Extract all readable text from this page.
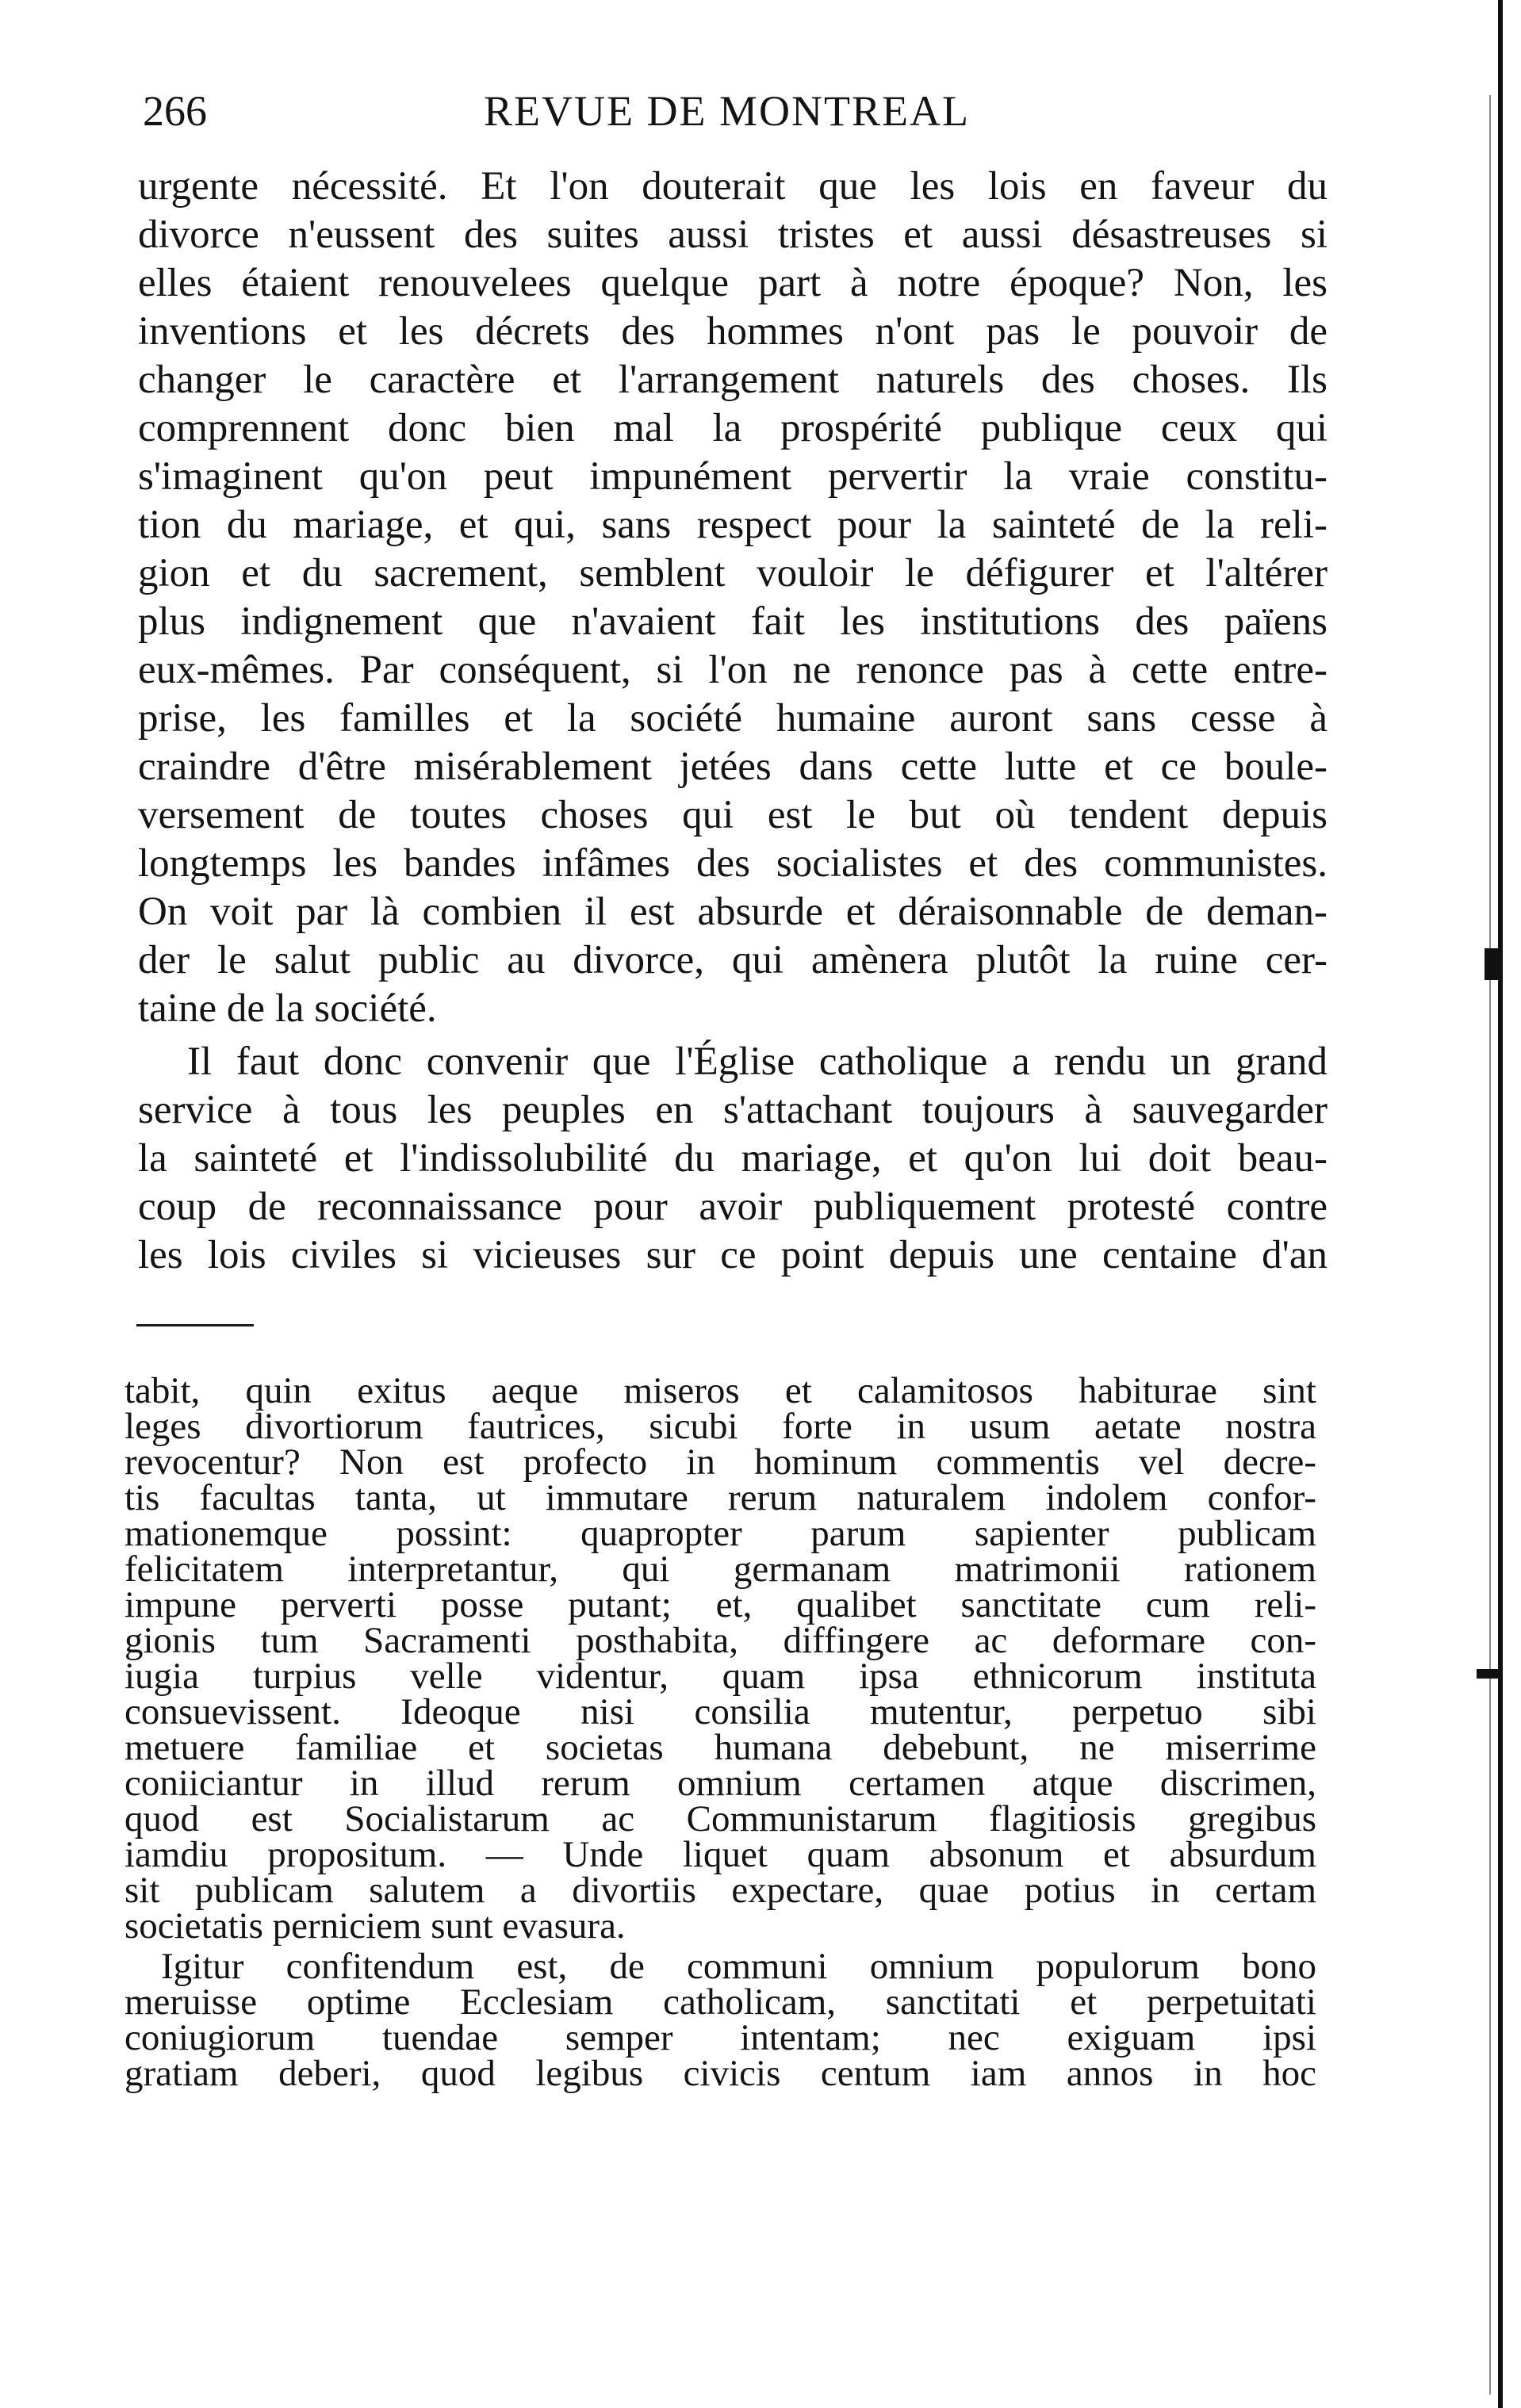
266	REVUE DE MONTREAL
urgente nécessité. Et l'on douterait que les lois en faveur du
divorce n'eussent des suites aussi tristes et aussi désastreuses si
elles étaient renouvelees quelque part à notre époque? Non, les
inventions et les décrets des hommes n'ont pas le pouvoir de
changer le caractère et l'arrangement naturels des choses. Ils
comprennent donc bien mal la prospérité publique ceux qui
s'imaginent qu'on peut impunément pervertir la vraie constitu-
tion du mariage, et qui, sans respect pour la sainteté de la reli-
gion et du sacrement, semblent vouloir le défigurer et l'altérer
plus indignement que n'avaient fait les institutions des païens
eux-mêmes. Par conséquent, si l'on ne renonce pas à cette entre-
prise, les familles et la société humaine auront sans cesse à
craindre d'être misérablement jetées dans cette lutte et ce boule-
versement de toutes choses qui est le but où tendent depuis
longtemps les bandes infâmes des socialistes et des communistes.
On voit par là combien il est absurde et déraisonnable de deman-
der le salut public au divorce, qui amènera plutôt la ruine cer-
taine de la société.
Il faut donc convenir que l'Église catholique a rendu un grand
service à tous les peuples en s'attachant toujours à sauvegarder
la sainteté et l'indissolubilité du mariage, et qu'on lui doit beau-
coup de reconnaissance pour avoir publiquement protesté contre
les lois civiles si vicieuses sur ce point depuis une centaine d'an
tabit, quin exitus aeque miseros et calamitosos habiturae sint
leges divortiorum fautrices, sicubi forte in usum aetate nostra
revocentur? Non est profecto in hominum commentis vel decre-
tis facultas tanta, ut immutare rerum naturalem indolem confor-
mationemque possint: quapropter parum sapienter publicam
felicitatem interpretantur, qui germanam matrimonii rationem
impune perverti posse putant; et, qualibet sanctitate cum reli-
gionis tum Sacramenti posthabita, diffingere ac deformare con-
iugia turpius velle videntur, quam ipsa ethnicorum instituta
consuevissent. Ideoque nisi consilia mutentur, perpetuo sibi
metuere familiae et societas humana debebunt, ne miserrime
coniiciantur in illud rerum omnium certamen atque discrimen,
quod est Socialistarum ac Communistarum flagitiosis gregibus
iamdiu propositum. — Unde liquet quam absonum et absurdum
sit publicam salutem a divortiis expectare, quae potius in certam
societatis perniciem sunt evasura.
Igitur confitendum est, de communi omnium populorum bono
meruisse optime Ecclesiam catholicam, sanctitati et perpetuitati
coniugiorum tuendae semper intentam; nec exiguam ipsi
gratiam deberi, quod legibus civicis centum iam annos in hoc
